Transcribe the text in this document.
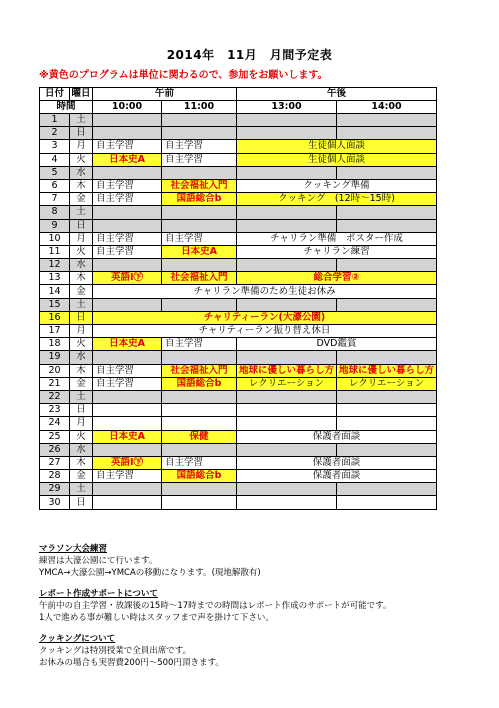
2014年　11月　月間予定表
※黄色のプログラムは単位に関わるので、参加をお願いします。
日付	曜日	午前		午後	
時間		10:00	11:00	13:00	14:00
1	土				
2	日				
3	月	自主学習	自主学習	生徒個人面談	
4	火	日本史A	自主学習	生徒個人面談	
5	水				
6	木	自主学習	社会福祉入門	クッキング準備	
7	金	自主学習	国語総合b	クッキング　(12時～15時)	
8	土				
9	日				
10	月	自主学習	自主学習	チャリラン準備　ポスター作成	
11	火	自主学習	日本史A	チャリラン練習	
12	水				
13	木	英語Ⅰ㊦	社会福祉入門	総合学習②	
14	金	チャリラン準備のため生徒お休み			
15	土				
16	日	チャリティーラン(大濠公園)			
17	月	チャリティーラン振り替え休日			
18	火	日本史A	自主学習	DVD鑑賞	
19	水				
20	木	自主学習	社会福祉入門	地球に優しい暮らし方	地球に優しい暮らし方
21	金	自主学習	国語総合b	レクリエーション	レクリエーション
22	土				
23	日				
24	月				
25	火	日本史A	保健	保護者面談	
26	水				
27	木	英語Ⅰ㊦	自主学習	保護者面談	
28	金	自主学習	国語総合b	保護者面談	
29	土				
30	日				
マラソン大会練習
練習は大濠公園にて行います。
YMCA→大濠公園→YMCAの移動になります。(現地解散有)
レポート作成サポートについて
午前中の自主学習・放課後の15時～17時までの時間はレポート作成のサポートが可能です。
1人で進める事が難しい時はスタッフまで声を掛けて下さい。
クッキングについて
クッキングは特別授業で全員出席です。
お休みの場合も実習費200円～500円頂きます。
